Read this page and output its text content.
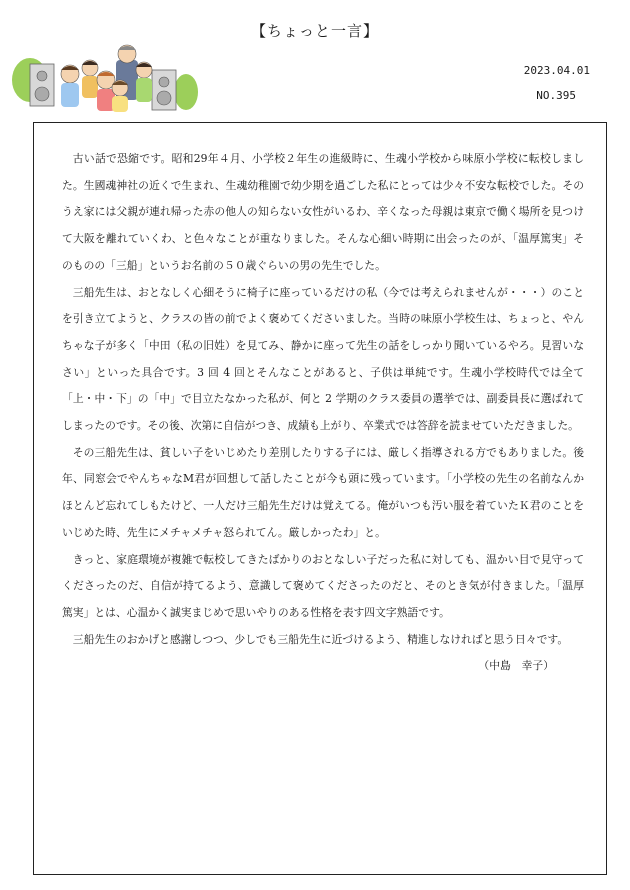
【ちょっと一言】
2023.04.01
NO.395

古い話で恐縮です。昭和29年４月、小学校２年生の進級時に、生魂小学校から味原小学校に転校しました。生國魂神社の近くで生まれ、生魂幼稚園で幼少期を過ごした私にとっては少々不安な転校でした。そのうえ家には父親が連れ帰った赤の他人の知らない女性がいるわ、辛くなった母親は東京で働く場所を見つけて大阪を離れていくわ、と色々なことが重なりました。そんな心細い時期に出会ったのが、「温厚篤実」そのものの「三船」というお名前の５０歳ぐらいの男の先生でした。

三船先生は、おとなしく心細そうに椅子に座っているだけの私（今では考えられませんが・・・）のことを引き立てようと、クラスの皆の前でよく褒めてくださいました。当時の味原小学校生は、ちょっと、やんちゃな子が多く「中田（私の旧姓）を見てみ、静かに座って先生の話をしっかり聞いているやろ。見習いなさい」といった具合です。3 回 4 回とそんなことがあると、子供は単純です。生魂小学校時代では全て「上・中・下」の「中」で目立たなかった私が、何と 2 学期のクラス委員の選挙では、副委員長に選ばれてしまったのです。その後、次第に自信がつき、成績も上がり、卒業式では答辞を読ませていただきました。

その三船先生は、貧しい子をいじめたり差別したりする子には、厳しく指導される方でもありました。後年、同窓会でやんちゃなM君が回想して話したことが今も頭に残っています。「小学校の先生の名前なんかほとんど忘れてしもたけど、一人だけ三船先生だけは覚えてる。俺がいつも汚い服を着ていたＫ君のことをいじめた時、先生にメチャメチャ怒られてん。厳しかったわ」と。

きっと、家庭環境が複雑で転校してきたばかりのおとなしい子だった私に対しても、温かい目で見守ってくださったのだ、自信が持てるよう、意識して褒めてくださったのだと、そのとき気が付きました。「温厚篤実」とは、心温かく誠実まじめで思いやりのある性格を表す四文字熟語です。

三船先生のおかげと感謝しつつ、少しでも三船先生に近づけるよう、精進しなければと思う日々です。

（中島　幸子）
